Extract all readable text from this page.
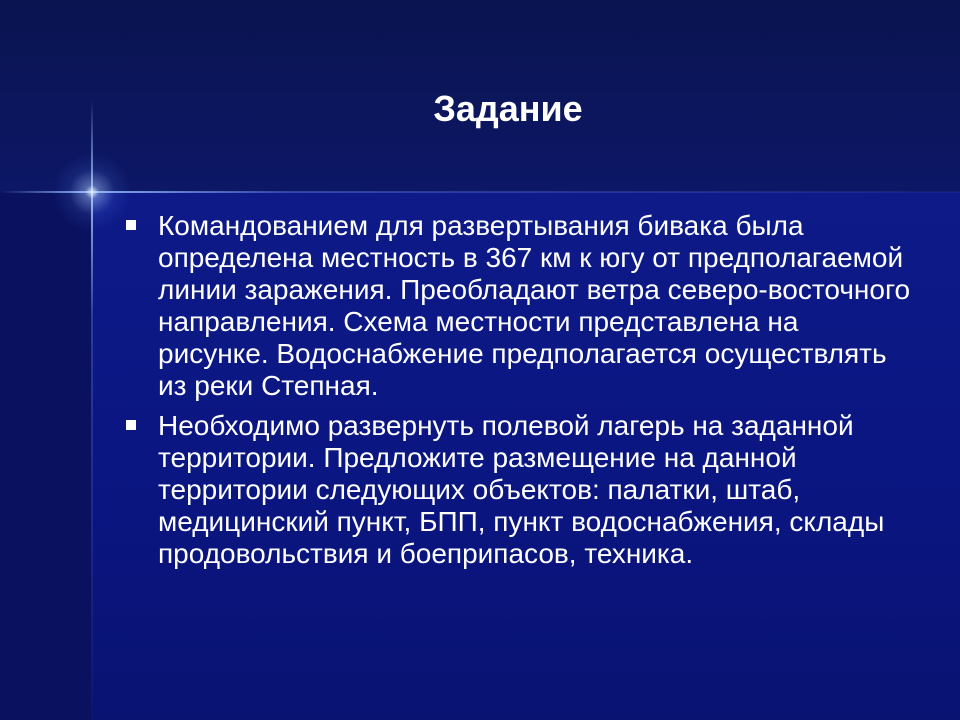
Задание
Командованием для развертывания бивака была определена местность в 367 км к югу от предполагаемой линии заражения. Преобладают ветра северо-восточного направления. Схема местности представлена на рисунке. Водоснабжение предполагается осуществлять из реки Степная.
Необходимо развернуть полевой лагерь на заданной территории. Предложите размещение на данной территории следующих объектов: палатки, штаб, медицинский пункт, БПП, пункт водоснабжения, склады продовольствия и боеприпасов, техника.
